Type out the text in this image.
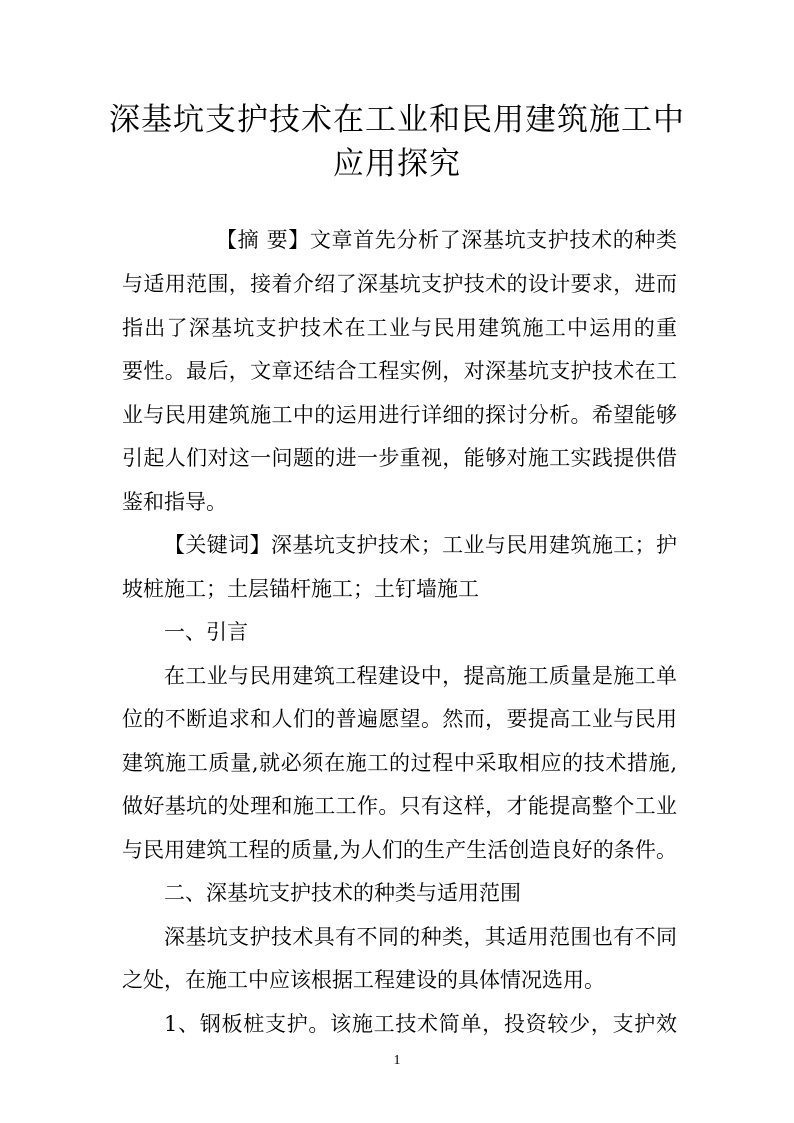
深基坑支护技术在工业和民用建筑施工中
应用探究
【摘 要】文章首先分析了深基坑支护技术的种类
与适用范围，接着介绍了深基坑支护技术的设计要求，进而
指出了深基坑支护技术在工业与民用建筑施工中运用的重
要性。最后，文章还结合工程实例，对深基坑支护技术在工
业与民用建筑施工中的运用进行详细的探讨分析。希望能够
引起人们对这一问题的进一步重视，能够对施工实践提供借
鉴和指导。
【关键词】深基坑支护技术；工业与民用建筑施工；护
坡桩施工；土层锚杆施工；土钉墙施工
一、引言
在工业与民用建筑工程建设中，提高施工质量是施工单
位的不断追求和人们的普遍愿望。然而，要提高工业与民用
建筑施工质量,就必须在施工的过程中采取相应的技术措施,
做好基坑的处理和施工工作。只有这样，才能提高整个工业
与民用建筑工程的质量,为人们的生产生活创造良好的条件。
二、深基坑支护技术的种类与适用范围
深基坑支护技术具有不同的种类，其适用范围也有不同
之处，在施工中应该根据工程建设的具体情况选用。
1、钢板桩支护。该施工技术简单，投资较少，支护效
1
